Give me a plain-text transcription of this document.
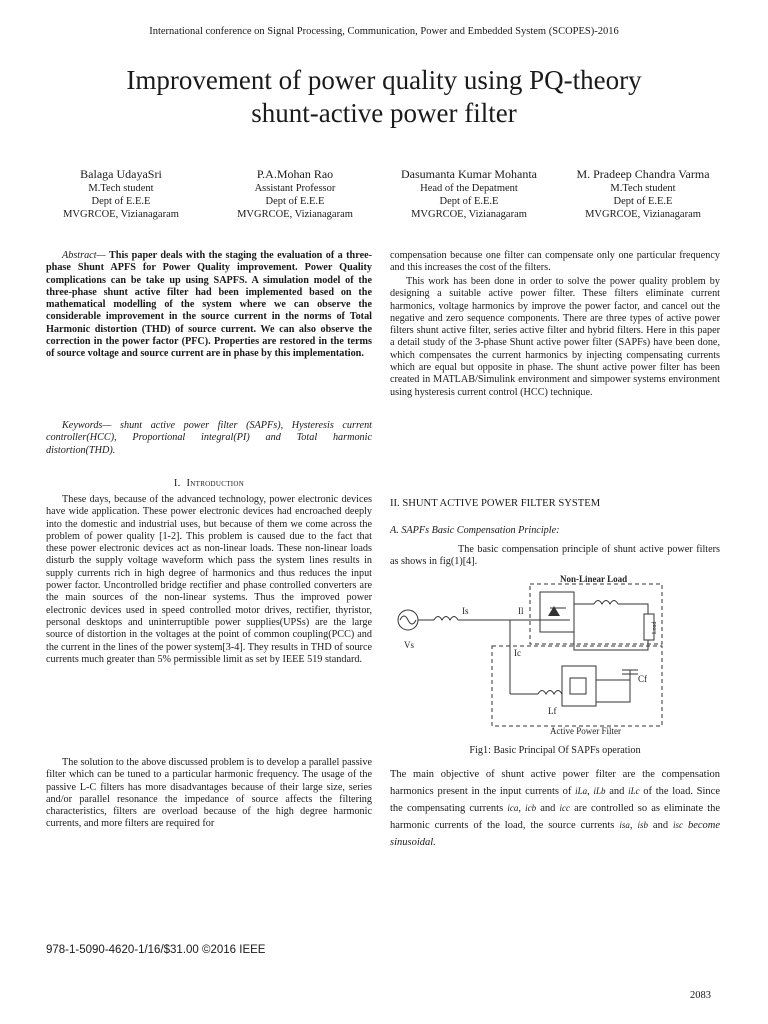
International conference on Signal Processing, Communication, Power and Embedded System (SCOPES)-2016
Improvement of power quality using PQ-theory
shunt-active power filter
Balaga UdayaSri
M.Tech student
Dept of E.E.E
MVGRCOE, Vizianagaram
P.A.Mohan Rao
Assistant Professor
Dept of E.E.E
MVGRCOE, Vizianagaram
Dasumanta Kumar Mohanta
Head of the Depatment
Dept of E.E.E
MVGRCOE, Vizianagaram
M. Pradeep Chandra Varma
M.Tech student
Dept of E.E.E
MVGRCOE, Vizianagaram

Abstract— This paper deals with the staging the evaluation of a three- phase Shunt APFS for Power Quality improvement. Power Quality complications can be take up using SAPFS. A simulation model of the three-phase shunt active filter had been implemented based on the mathematical modelling of the system where we can observe the considerable improvement in the source current in the norms of Total Harmonic distortion (THD) of source current. We can also observe the correction in the power factor (PFC). Properties are restored in the terms of source voltage and source current are in phase by this implementation.

Keywords— shunt active power filter (SAPFs), Hysteresis current controller(HCC), Proportional integral(PI) and Total harmonic distortion(THD).

I. Introduction

These days, because of the advanced technology, power electronic devices have wide application. These power electronic devices had encroached deeply into the domestic and industrial uses, but because of them we come across the problem of power quality [1-2]. This problem is caused due to the fact that these power electronic devices act as non-linear loads. These non-linear loads disturb the supply voltage waveform which pass the system lines results in supply currents rich in high degree of harmonics and thus reduces the input power factor. Uncontrolled bridge rectifier and phase controlled converters are the main sources of the non-linear systems. Thus the improved power electronic devices used in speed controlled motor drives, rectifier, thyristor, personal desktops and uninterruptible power supplies(UPSs) are the large source of distortion in the voltages at the point of common coupling(PCC) and the current in the lines of the power system[3-4]. They results in THD of source currents much greater than 5% permissible limit as set by IEEE 519 standard.

The solution to the above discussed problem is to develop a parallel passive filter which can be tuned to a particular harmonic frequency. The usage of the passive L-C filters has more disadvantages because of their large size, series and/or parallel resonance the impedance of source affects the filtering characteristics, filters are overload because of the high degree harmonic currents, and more filters are required for

compensation because one filter can compensate only one particular frequency and this increases the cost of the filters.

This work has been done in order to solve the power quality problem by designing a suitable active power filter. These filters eliminate current harmonics, voltage harmonics by improve the power factor, and cancel out the negative and zero sequence components. There are three types of active power filters shunt active filter, series active filter and hybrid filters. Here in this paper a detail study of the 3-phase Shunt active power filter (SAPFs) have been done, which compensates the current harmonics by injecting compensating currents which are equal but opposite in phase. The shunt active power filter has been created in MATLAB/Simulink environment and simpower systems environment using hysteresis current control (HCC) technique.

II. SHUNT ACTIVE POWER FILTER SYSTEM
A. SAPFs Basic Compensation Principle:

The basic compensation principle of shunt active power filters as shows in fig(1)[4].

Non-Linear Load
Load
Is	Il
Ic
Vs
Lf
Cf
Active Power Filter
Fig1: Basic Principal Of SAPFs operation

The main objective of shunt active power filter are the compensation harmonics present in the input currents of iLa, iLb and iLc of the load. Since the compensating currents ica, icb and icc are controlled so as eliminate the harmonic currents of the load, the source currents isa, isb and isc become sinusoidal.

978-1-5090-4620-1/16/$31.00 ©2016 IEEE
2083
